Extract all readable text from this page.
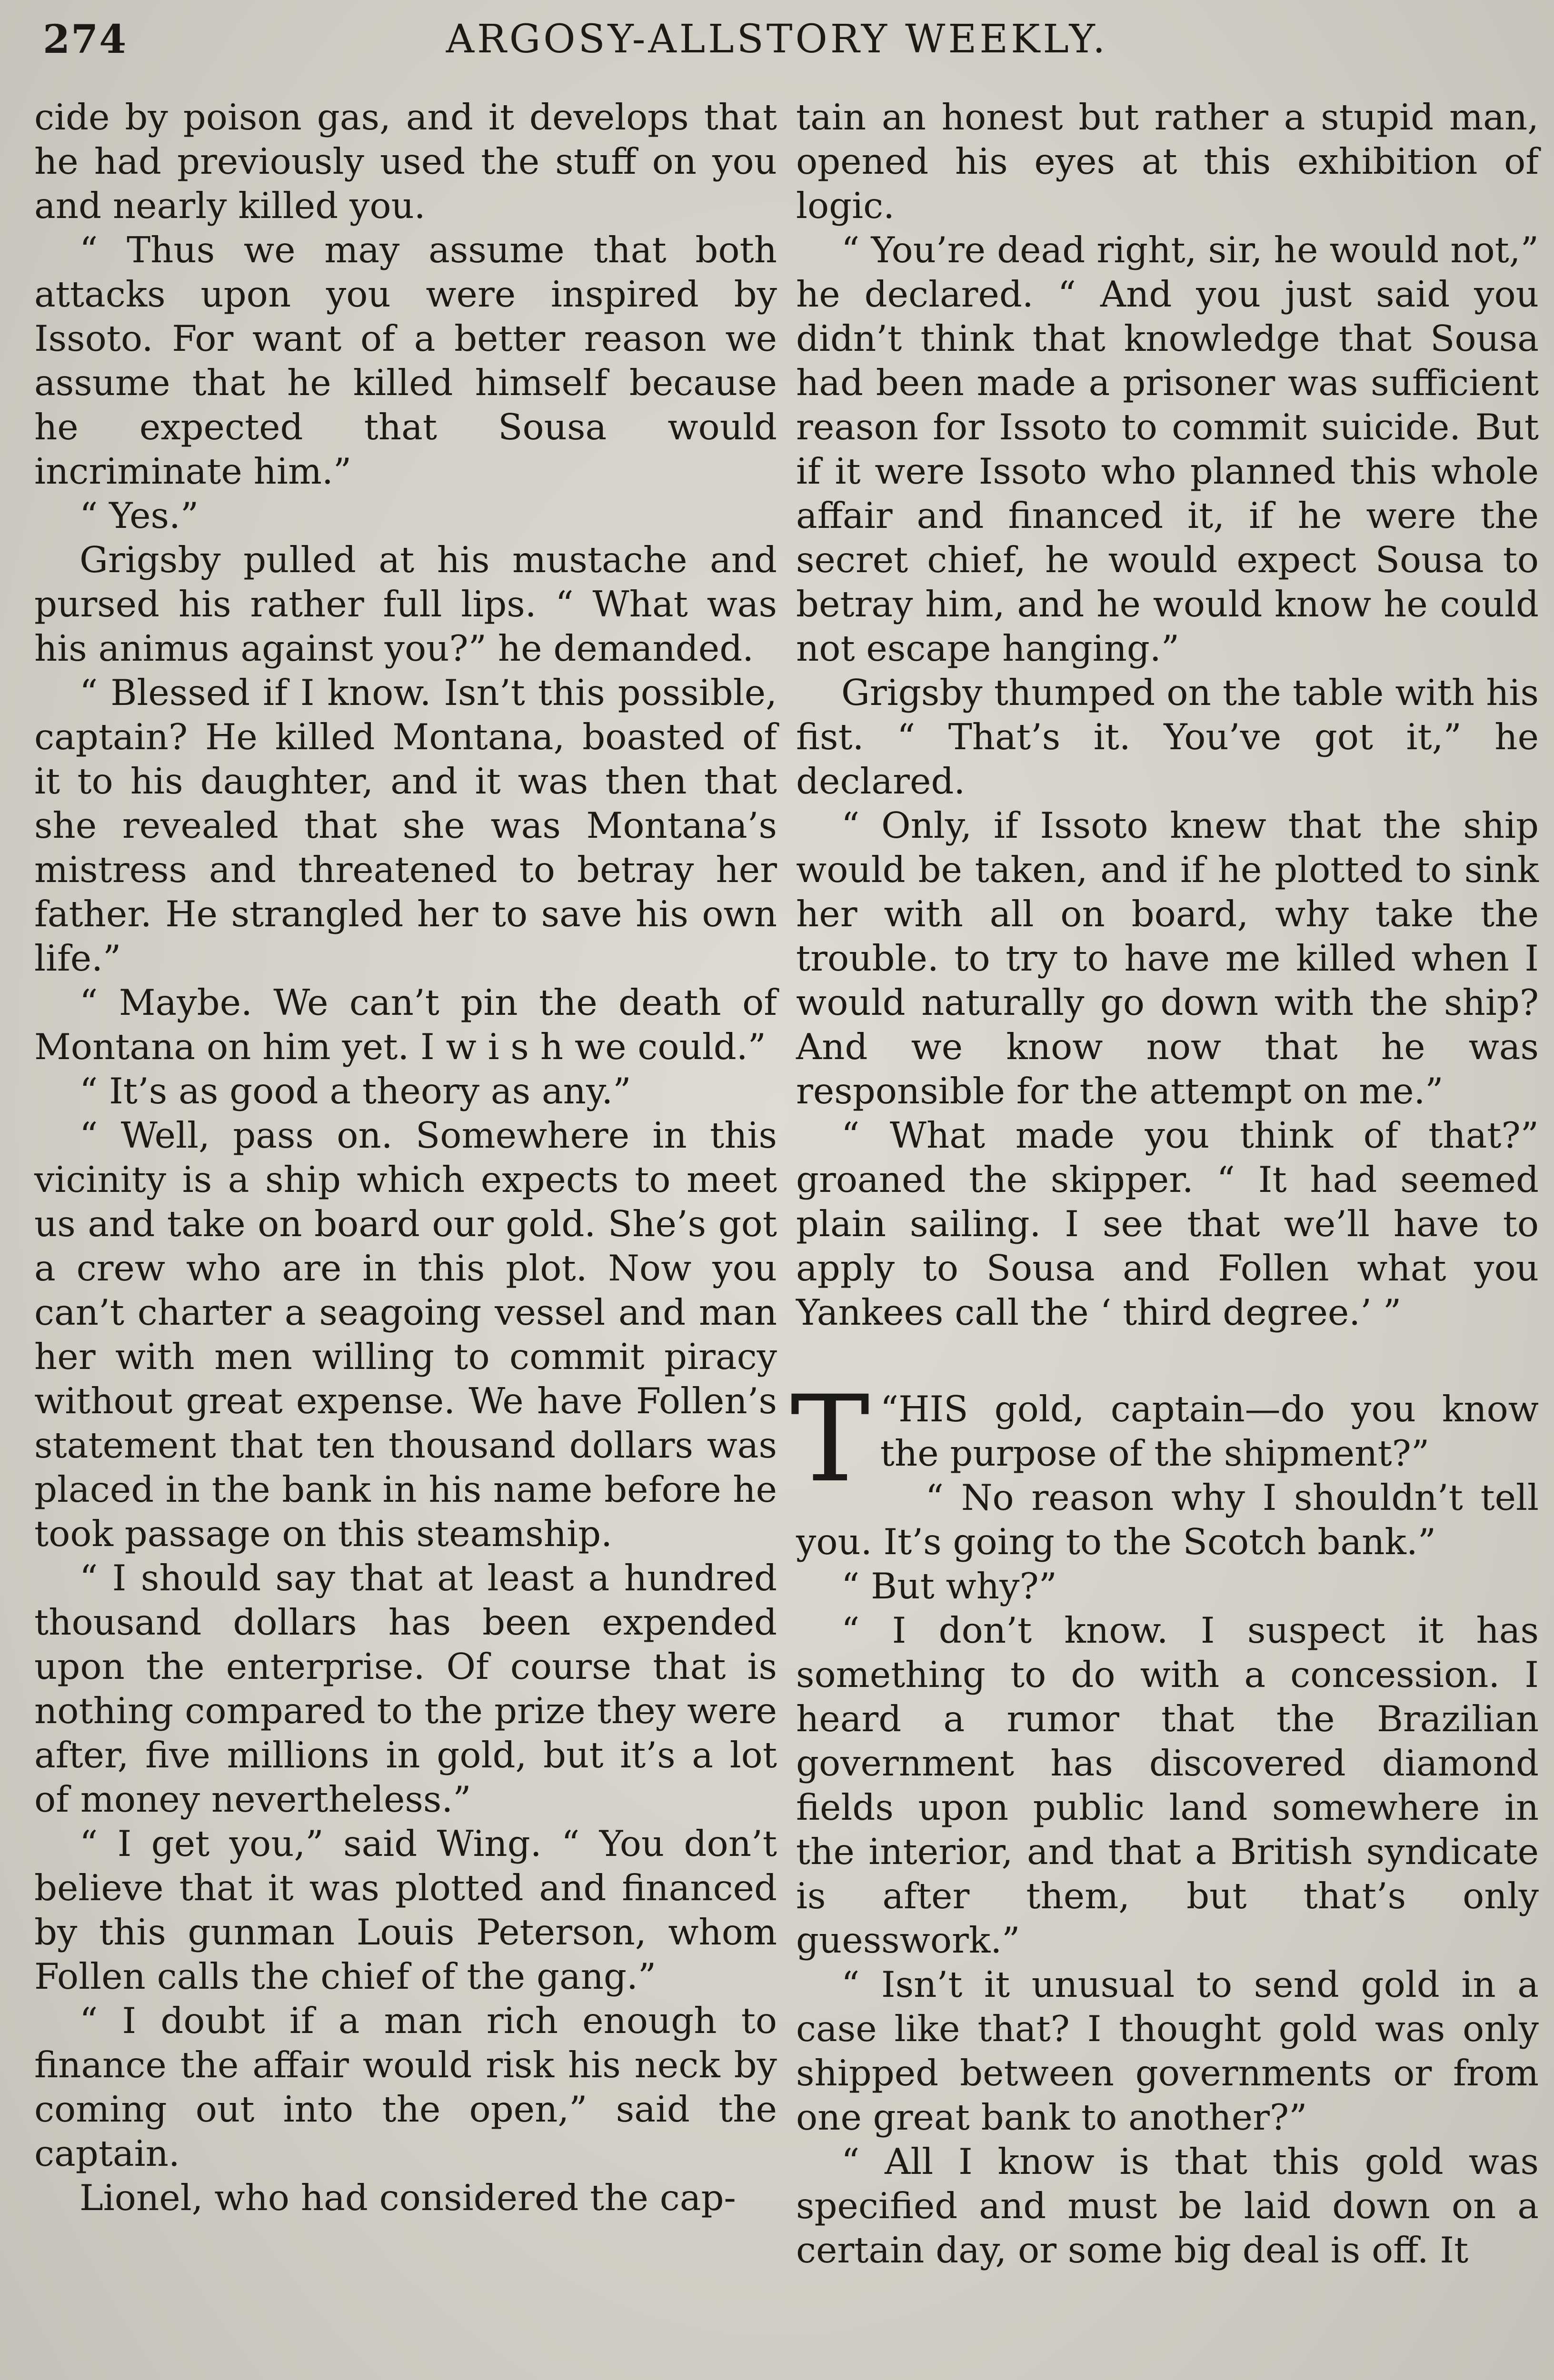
274	ARGOSY-ALLSTORY WEEKLY.

cide by poison gas, and it develops that he had previously used the stuff on you and nearly killed you.

“ Thus we may assume that both attacks upon you were inspired by Issoto. For want of a better reason we assume that he killed himself because he expected that Sousa would incriminate him.”

“ Yes.”

Grigsby pulled at his mustache and pursed his rather full lips. “ What was his animus against you?” he demanded.

“ Blessed if I know. Isn’t this possible, captain? He killed Montana, boasted of it to his daughter, and it was then that she revealed that she was Montana’s mistress and threatened to betray her father. He strangled her to save his own life.”

“ Maybe. We can’t pin the death of Montana on him yet. I w i s h we could.”

“ It’s as good a theory as any.”

“ Well, pass on. Somewhere in this vicinity is a ship which expects to meet us and take on board our gold. She’s got a crew who are in this plot. Now you can’t charter a seagoing vessel and man her with men willing to commit piracy without great expense. We have Follen’s statement that ten thousand dollars was placed in the bank in his name before he took passage on this steamship.

“ I should say that at least a hundred thousand dollars has been expended upon the enterprise. Of course that is nothing compared to the prize they were after, five millions in gold, but it’s a lot of money nevertheless.”

“ I get you,” said Wing. “ You don’t believe that it was plotted and financed by this gunman Louis Peterson, whom Follen calls the chief of the gang.”

“ I doubt if a man rich enough to finance the affair would risk his neck by coming out into the open,” said the captain.

Lionel, who had considered the cap-

tain an honest but rather a stupid man, opened his eyes at this exhibition of logic.

“ You’re dead right, sir, he would not,” he declared. “ And you just said you didn’t think that knowledge that Sousa had been made a prisoner was sufficient reason for Issoto to commit suicide. But if it were Issoto who planned this whole affair and financed it, if he were the secret chief, he would expect Sousa to betray him, and he would know he could not escape hanging.”

Grigsby thumped on the table with his fist. “ That’s it. You’ve got it,” he declared.

“ Only, if Issoto knew that the ship would be taken, and if he plotted to sink her with all on board, why take the trouble. to try to have me killed when I would naturally go down with the ship? And we know now that he was responsible for the attempt on me.”

“ What made you think of that?” groaned the skipper. “ It had seemed plain sailing. I see that we’ll have to apply to Sousa and Follen what you Yankees call the ‘ third degree.’ ”

“
T HIS gold, captain—do you know the purpose of the shipment?”

“ No reason why I shouldn’t tell you. It’s going to the Scotch bank.”

“ But why?”

“ I don’t know. I suspect it has something to do with a concession. I heard a rumor that the Brazilian government has discovered diamond fields upon public land somewhere in the interior, and that a British syndicate is after them, but that’s only guesswork.”

“ Isn’t it unusual to send gold in a case like that? I thought gold was only shipped between governments or from one great bank to another?”

“ All I know is that this gold was specified and must be laid down on a certain day, or some big deal is off. It
